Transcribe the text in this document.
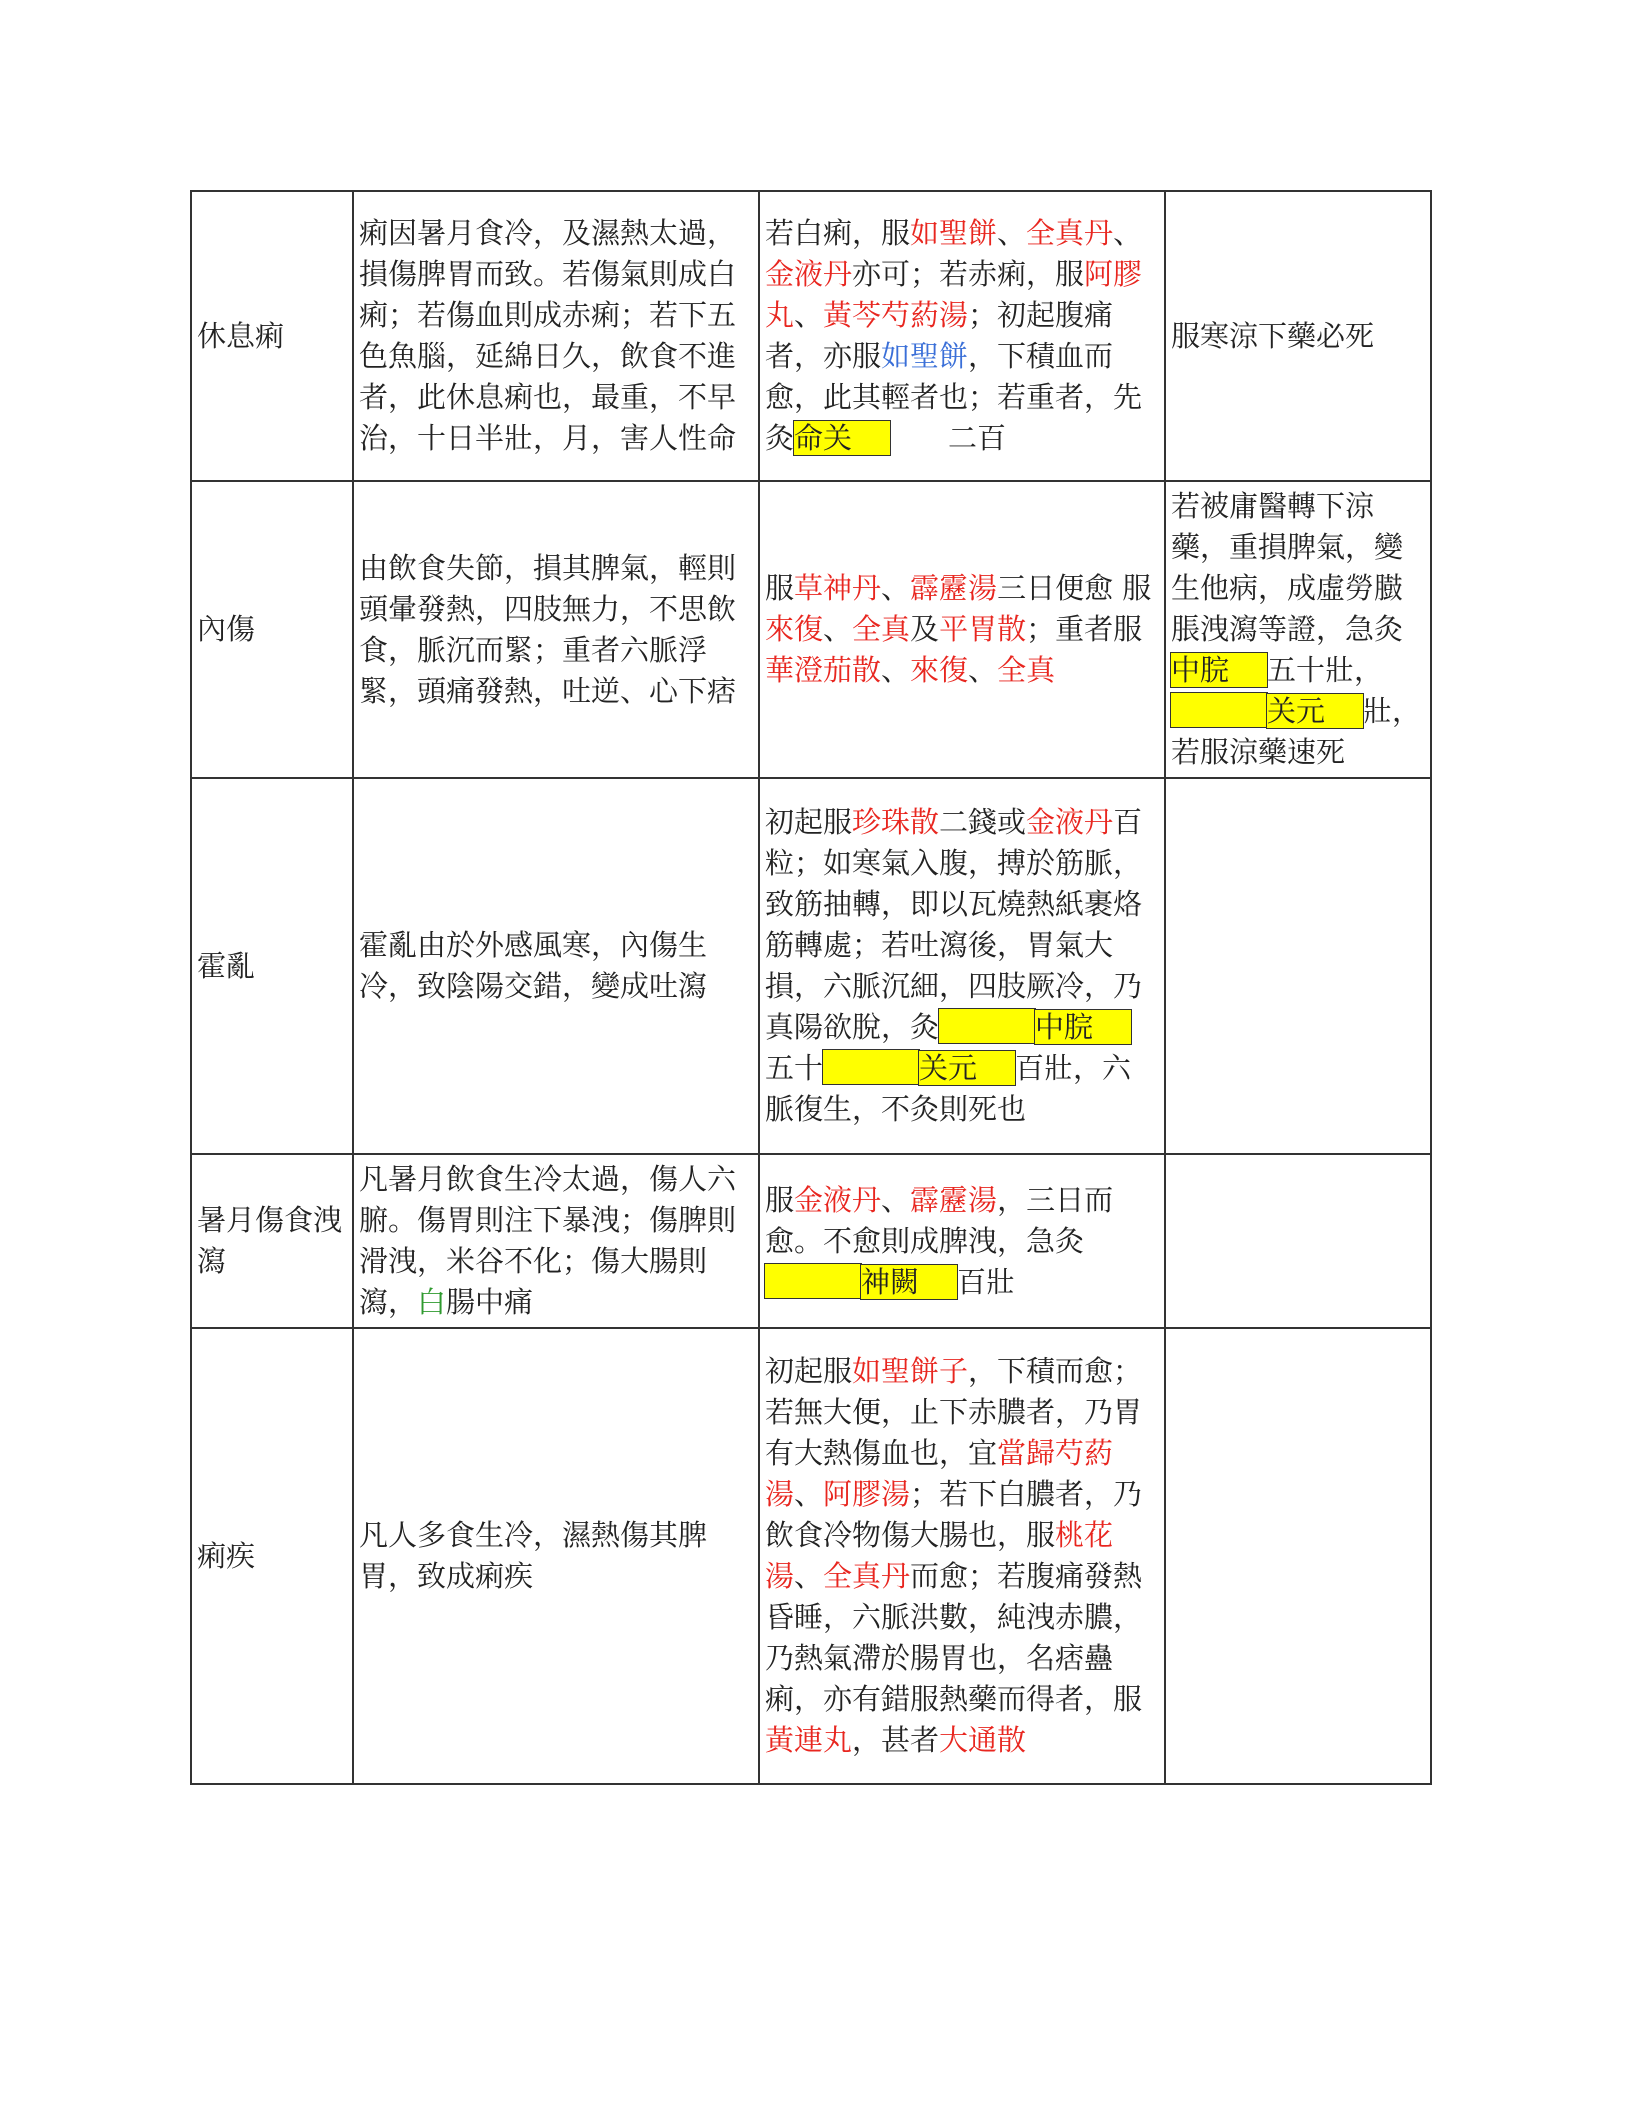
休息痢	痢因暑月食冷，及濕熱太過，損傷脾胃而致。若傷氣則成白痢；若傷血則成赤痢；若下五色魚腦，延綿日久，飲食不進者，此休息痢也，最重，不早治，十日半壯，月，害人性命	若白痢，服如聖餅、全真丹、金液丹亦可；若赤痢，服阿膠丸、黃芩芍葯湯；初起腹痛者，亦服如聖餅，下積血而愈，此其輕者也；若重者，先灸命关　　二百	服寒涼下藥必死
內傷	由飲食失節，損其脾氣，輕則頭暈發熱，四肢無力，不思飲食，脈沉而緊；重者六脈浮緊，頭痛發熱，吐逆、心下痞	服草神丹、霹靂湯三日便愈 服來復、全真及平胃散；重者服華澄茄散、來復、全真	若被庸醫轉下涼藥，重損脾氣，變生他病，成虛勞臌脹洩瀉等證，急灸中脘 五十壯，关元 壯，若服涼藥速死
霍亂	霍亂由於外感風寒，內傷生冷，致陰陽交錯，變成吐瀉	初起服珍珠散二錢或金液丹百粒；如寒氣入腹，搏於筋脈，致筋抽轉，即以瓦燒熱紙裹烙筋轉處；若吐瀉後，胃氣大損，六脈沉細，四肢厥冷，乃真陽欲脫，灸 中脘五十 关元 百壯，六脈復生，不灸則死也	
暑月傷食洩瀉	凡暑月飲食生冷太過，傷人六腑。傷胃則注下暴洩；傷脾則滑洩，米谷不化；傷大腸則瀉，白腸中痛	服金液丹、霹靂湯，三日而愈。不愈則成脾洩，急灸神闕 百壯	
痢疾	凡人多食生冷，濕熱傷其脾胃，致成痢疾	初起服如聖餅子，下積而愈；若無大便，止下赤膿者，乃胃有大熱傷血也，宜當歸芍葯湯、阿膠湯；若下白膿者，乃飲食冷物傷大腸也，服桃花湯、全真丹而愈；若腹痛發熱昏睡，六脈洪數，純洩赤膿，乃熱氣滯於腸胃也，名痞蠱痢，亦有錯服熱藥而得者，服黃連丸，甚者大通散	
